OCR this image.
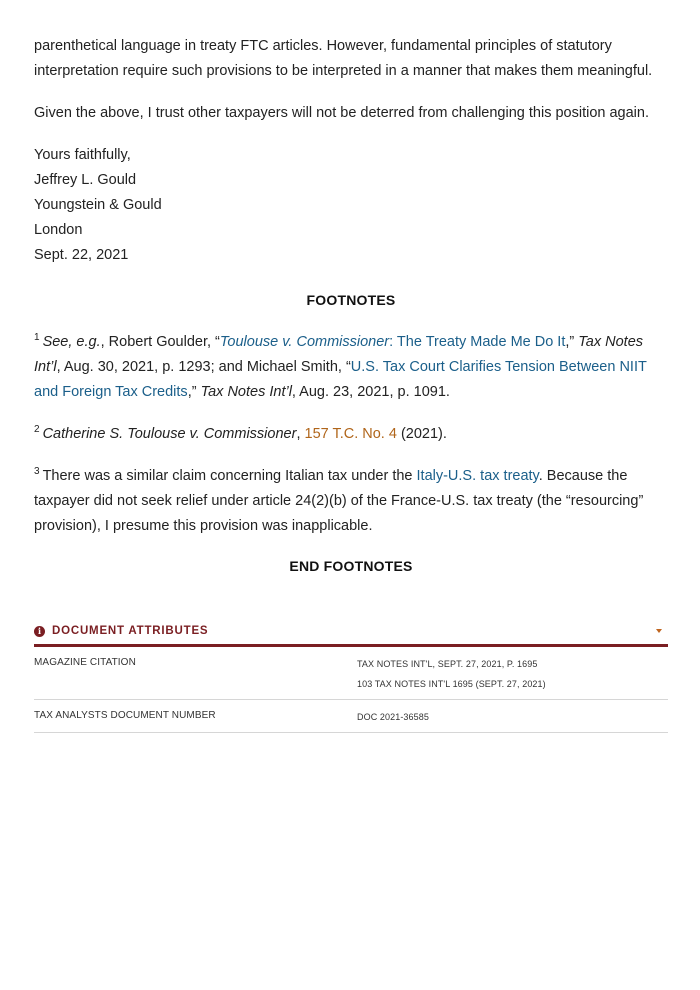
parenthetical language in treaty FTC articles. However, fundamental principles of statutory interpretation require such provisions to be interpreted in a manner that makes them meaningful.

Given the above, I trust other taxpayers will not be deterred from challenging this position again.

Yours faithfully,
Jeffrey L. Gould
Youngstein & Gould
London
Sept. 22, 2021
FOOTNOTES

$^1$ See, e.g., Robert Goulder, “Toulouse v. Commissioner: The Treaty Made Me Do It,” Tax Notes Int’l, Aug. 30, 2021, p. 1293; and Michael Smith, “U.S. Tax Court Clarifies Tension Between NIIT and Foreign Tax Credits,” Tax Notes Int’l, Aug. 23, 2021, p. 1091.

$^2$ Catherine S. Toulouse v. Commissioner, 157 T.C. No. 4 (2021).

$^3$ There was a similar claim concerning Italian tax under the Italy-U.S. tax treaty. Because the taxpayer did not seek relief under article 24(2)(b) of the France-U.S. tax treaty (the “resourcing” provision), I presume this provision was inapplicable.

END FOOTNOTES
i DOCUMENT ATTRIBUTES
MAGAZINE CITATION	TAX NOTES INT'L, SEPT. 27, 2021, P. 1695
103 TAX NOTES INT'L 1695 (SEPT. 27, 2021)
TAX ANALYSTS DOCUMENT NUMBER	DOC 2021-36585
